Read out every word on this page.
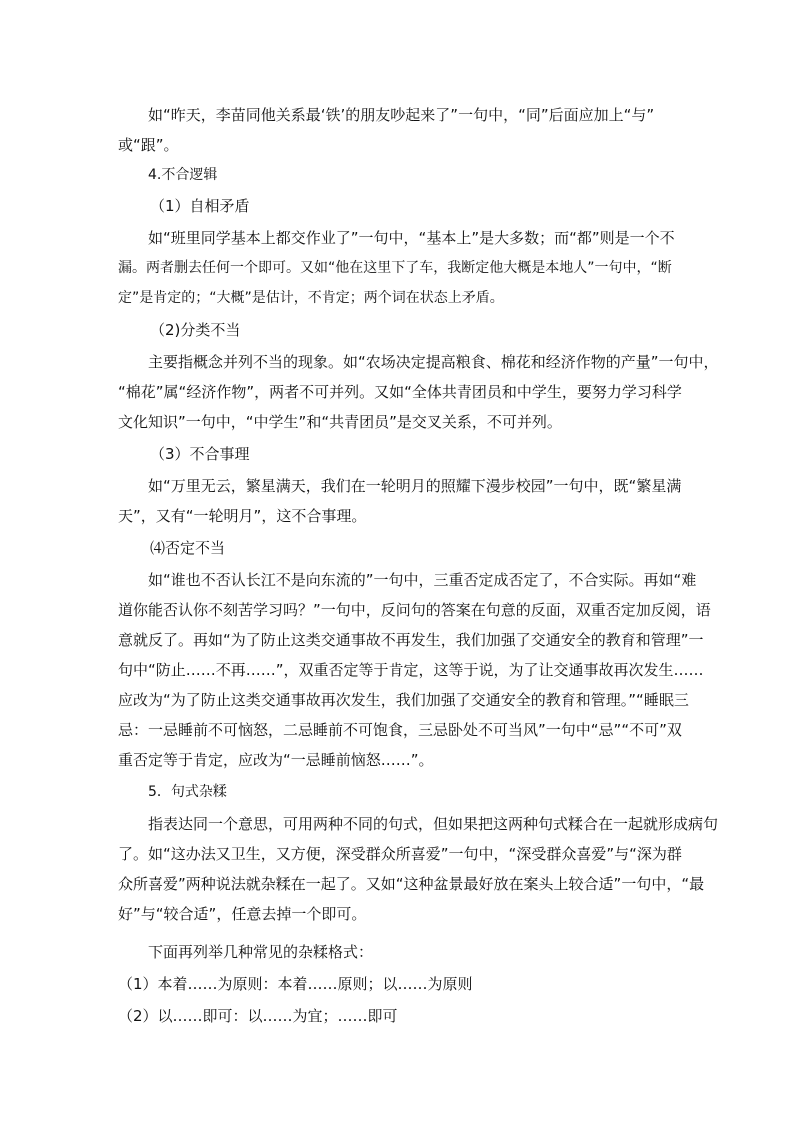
如“昨天，李苗同他关系最‘铁’的朋友吵起来了”一句中，“同”后面应加上“与”
或“跟”。
4.不合逻辑
（1）自相矛盾
如“班里同学基本上都交作业了”一句中，“基本上”是大多数；而“都”则是一个不
漏。两者删去任何一个即可。又如“他在这里下了车，我断定他大概是本地人”一句中，“断
定”是肯定的；“大概”是估计，不肯定；两个词在状态上矛盾。
（2)分类不当
主要指概念并列不当的现象。如“农场决定提高粮食、棉花和经济作物的产量”一句中，
“棉花”属“经济作物”，两者不可并列。又如“全体共青团员和中学生，要努力学习科学
文化知识”一句中，“中学生”和“共青团员”是交叉关系，不可并列。
（3）不合事理
如“万里无云，繁星满天，我们在一轮明月的照耀下漫步校园”一句中，既“繁星满
天”，又有“一轮明月”，这不合事理。
⑷否定不当
如“谁也不否认长江不是向东流的”一句中，三重否定成否定了，不合实际。再如“难
道你能否认你不刻苦学习吗？”一句中，反问句的答案在句意的反面，双重否定加反阅，语
意就反了。再如“为了防止这类交通事故不再发生，我们加强了交通安全的教育和管理”一
句中“防止……不再……”，双重否定等于肯定，这等于说，为了让交通事故再次发生……
应改为“为了防止这类交通事故再次发生，我们加强了交通安全的教育和管理。”“睡眠三
忌：一忌睡前不可恼怒，二忌睡前不可饱食，三忌卧处不可当风”一句中“忌”“不可”双
重否定等于肯定，应改为“一忌睡前恼怒……”。
5．句式杂糅
指表达同一个意思，可用两种不同的句式，但如果把这两种句式糅合在一起就形成病句
了。如“这办法又卫生，又方便，深受群众所喜爱”一句中，“深受群众喜爱”与“深为群
众所喜爱”两种说法就杂糅在一起了。又如“这种盆景最好放在案头上较合适”一句中，“最
好”与“较合适”，任意去掉一个即可。
下面再列举几种常见的杂糅格式：
（1）本着……为原则：本着……原则；以……为原则
（2）以……即可：以……为宜；……即可
